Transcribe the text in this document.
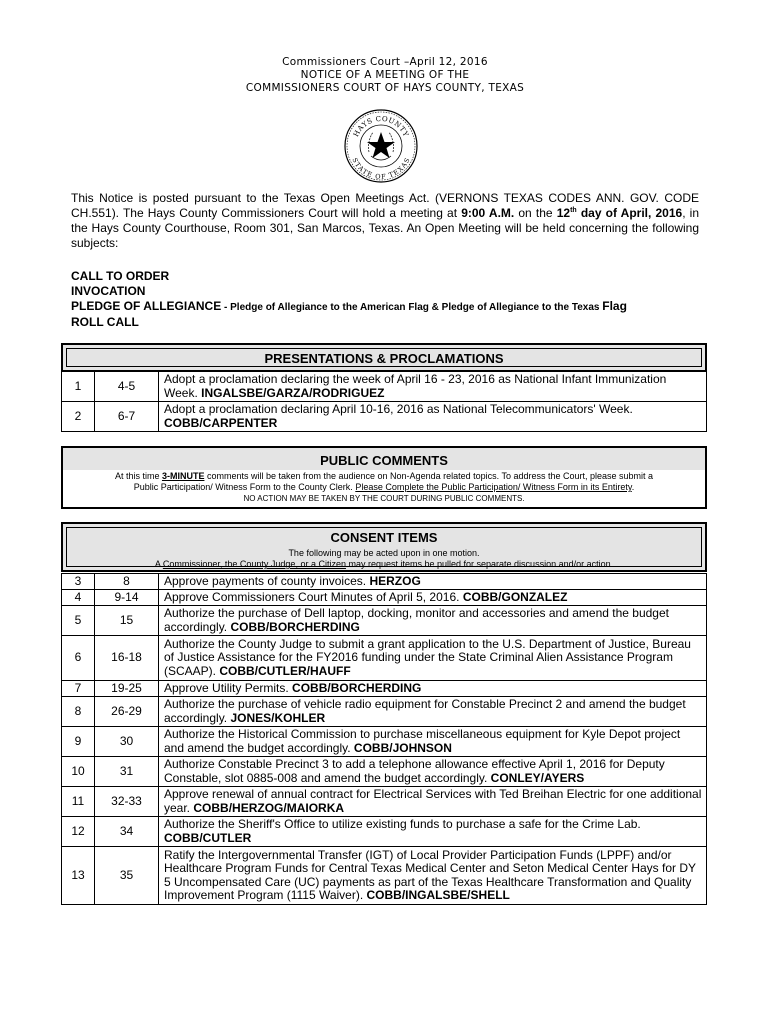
Commissioners Court –April 12, 2016
NOTICE OF A MEETING OF THE
COMMISSIONERS COURT OF HAYS COUNTY, TEXAS
HAYS COUNTY
STATE OF TEXAS
This Notice is posted pursuant to the Texas Open Meetings Act. (VERNONS TEXAS CODES ANN. GOV. CODE CH.551). The Hays County Commissioners Court will hold a meeting at 9:00 A.M. on the 12th day of April, 2016, in the Hays County Courthouse, Room 301, San Marcos, Texas. An Open Meeting will be held concerning the following subjects:
CALL TO ORDER
INVOCATION
PLEDGE OF ALLEGIANCE - Pledge of Allegiance to the American Flag & Pledge of Allegiance to the Texas Flag
ROLL CALL
PRESENTATIONS & PROCLAMATIONS
1	4-5	Adopt a proclamation declaring the week of April 16 - 23, 2016 as National Infant Immunization Week. INGALSBE/GARZA/RODRIGUEZ
2	6-7	Adopt a proclamation declaring April 10-16, 2016 as National Telecommunicators' Week. COBB/CARPENTER
PUBLIC COMMENTS
At this time 3-MINUTE comments will be taken from the audience on Non-Agenda related topics. To address the Court, please submit a
Public Participation/ Witness Form to the County Clerk. Please Complete the Public Participation/ Witness Form in its Entirety.
NO ACTION MAY BE TAKEN BY THE COURT DURING PUBLIC COMMENTS.
CONSENT ITEMS
The following may be acted upon in one motion.
A Commissioner, the County Judge, or a Citizen may request items be pulled for separate discussion and/or action.
3	8	Approve payments of county invoices. HERZOG
4	9-14	Approve Commissioners Court Minutes of April 5, 2016. COBB/GONZALEZ
5	15	Authorize the purchase of Dell laptop, docking, monitor and accessories and amend the budget accordingly. COBB/BORCHERDING
6	16-18	Authorize the County Judge to submit a grant application to the U.S. Department of Justice, Bureau of Justice Assistance for the FY2016 funding under the State Criminal Alien Assistance Program (SCAAP). COBB/CUTLER/HAUFF
7	19-25	Approve Utility Permits. COBB/BORCHERDING
8	26-29	Authorize the purchase of vehicle radio equipment for Constable Precinct 2 and amend the budget accordingly. JONES/KOHLER
9	30	Authorize the Historical Commission to purchase miscellaneous equipment for Kyle Depot project and amend the budget accordingly. COBB/JOHNSON
10	31	Authorize Constable Precinct 3 to add a telephone allowance effective April 1, 2016 for Deputy Constable, slot 0885-008 and amend the budget accordingly. CONLEY/AYERS
11	32-33	Approve renewal of annual contract for Electrical Services with Ted Breihan Electric for one additional year. COBB/HERZOG/MAIORKA
12	34	Authorize the Sheriff's Office to utilize existing funds to purchase a safe for the Crime Lab. COBB/CUTLER
13	35	Ratify the Intergovernmental Transfer (IGT) of Local Provider Participation Funds (LPPF) and/or Healthcare Program Funds for Central Texas Medical Center and Seton Medical Center Hays for DY 5 Uncompensated Care (UC) payments as part of the Texas Healthcare Transformation and Quality Improvement Program (1115 Waiver). COBB/INGALSBE/SHELL
